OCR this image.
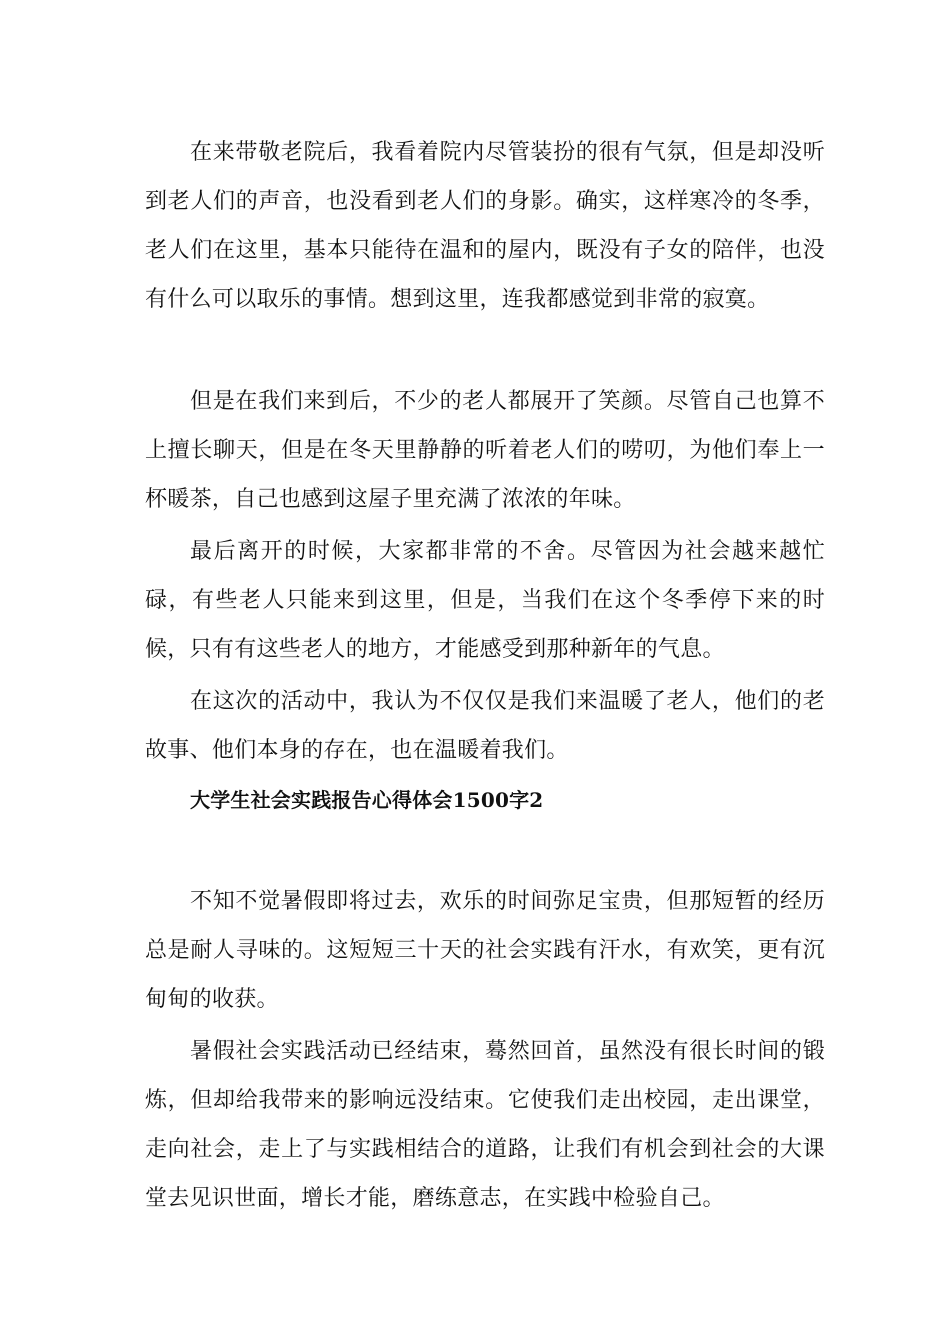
在来带敬老院后，我看着院内尽管装扮的很有气氛，但是却没听到老人们的声音，也没看到老人们的身影。确实，这样寒冷的冬季，老人们在这里，基本只能待在温和的屋内，既没有子女的陪伴，也没有什么可以取乐的事情。想到这里，连我都感觉到非常的寂寞。

但是在我们来到后，不少的老人都展开了笑颜。尽管自己也算不上擅长聊天，但是在冬天里静静的听着老人们的唠叨，为他们奉上一杯暖茶，自己也感到这屋子里充满了浓浓的年味。

最后离开的时候，大家都非常的不舍。尽管因为社会越来越忙碌，有些老人只能来到这里，但是，当我们在这个冬季停下来的时候，只有有这些老人的地方，才能感受到那种新年的气息。

在这次的活动中，我认为不仅仅是我们来温暖了老人，他们的老故事、他们本身的存在，也在温暖着我们。

大学生社会实践报告心得体会1500字2

不知不觉暑假即将过去，欢乐的时间弥足宝贵，但那短暂的经历总是耐人寻味的。这短短三十天的社会实践有汗水，有欢笑，更有沉甸甸的收获。

暑假社会实践活动已经结束，蓦然回首，虽然没有很长时间的锻炼，但却给我带来的影响远没结束。它使我们走出校园，走出课堂，走向社会，走上了与实践相结合的道路，让我们有机会到社会的大课堂去见识世面，增长才能，磨练意志，在实践中检验自己。
